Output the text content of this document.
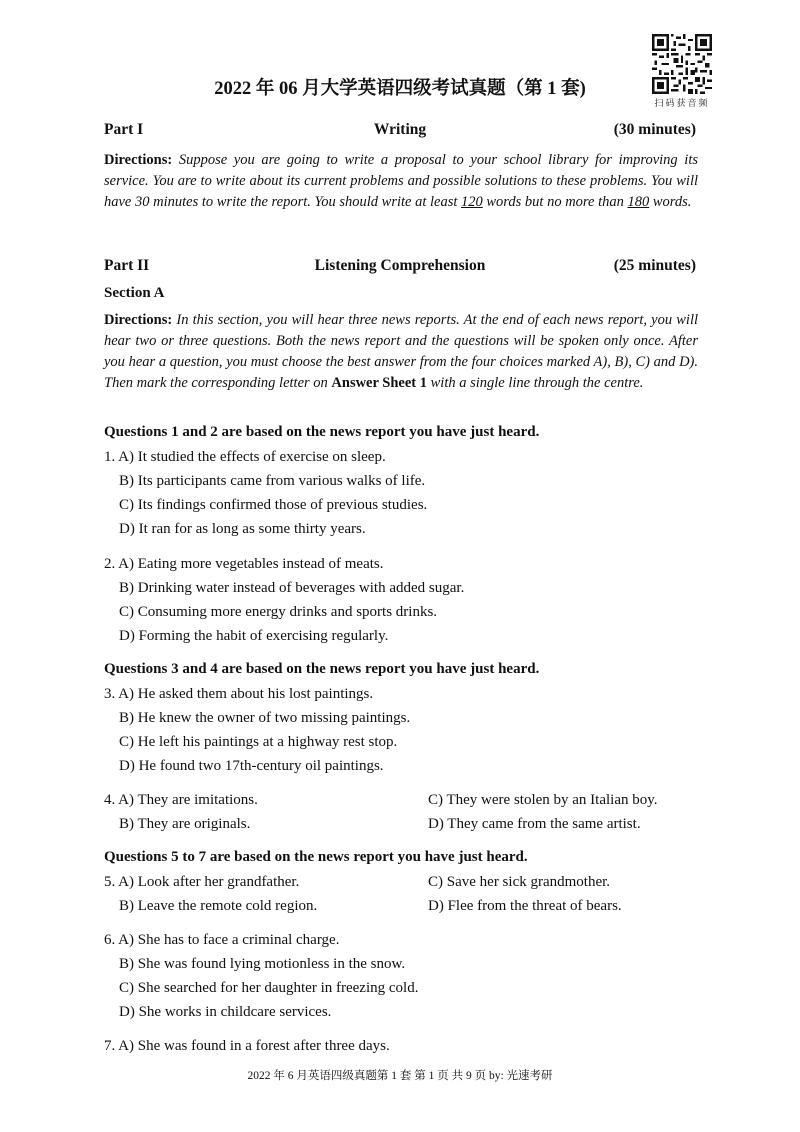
扫码获音频
2022 年 06 月大学英语四级考试真题（第 1 套)
Part I	Writing	(30 minutes)
Directions: Suppose you are going to write a proposal to your school library for improving its service. You are to write about its current problems and possible solutions to these problems. You will have 30 minutes to write the report. You should write at least 120 words but no more than 180 words.
Part II	Listening Comprehension	(25 minutes)
Section A
Directions: In this section, you will hear three news reports. At the end of each news report, you will hear two or three questions. Both the news report and the questions will be spoken only once. After you hear a question, you must choose the best answer from the four choices marked A), B), C) and D). Then mark the corresponding letter on Answer Sheet 1 with a single line through the centre.
Questions 1 and 2 are based on the news report you have just heard.
1. A) It studied the effects of exercise on sleep.
B) Its participants came from various walks of life.
C) Its findings confirmed those of previous studies.
D) It ran for as long as some thirty years.
2. A) Eating more vegetables instead of meats.
B) Drinking water instead of beverages with added sugar.
C) Consuming more energy drinks and sports drinks.
D) Forming the habit of exercising regularly.
Questions 3 and 4 are based on the news report you have just heard.
3. A) He asked them about his lost paintings.
B) He knew the owner of two missing paintings.
C) He left his paintings at a highway rest stop.
D) He found two 17th-century oil paintings.
4. A) They are imitations.
B) They are originals.
C) They were stolen by an Italian boy.
D) They came from the same artist.
Questions 5 to 7 are based on the news report you have just heard.
5. A) Look after her grandfather.
B) Leave the remote cold region.
C) Save her sick grandmother.
D) Flee from the threat of bears.
6. A) She has to face a criminal charge.
B) She was found lying motionless in the snow.
C) She searched for her daughter in freezing cold.
D) She works in childcare services.
7. A) She was found in a forest after three days.
2022 年 6 月英语四级真题第 1 套 第 1 页 共 9 页 by: 光速考研
